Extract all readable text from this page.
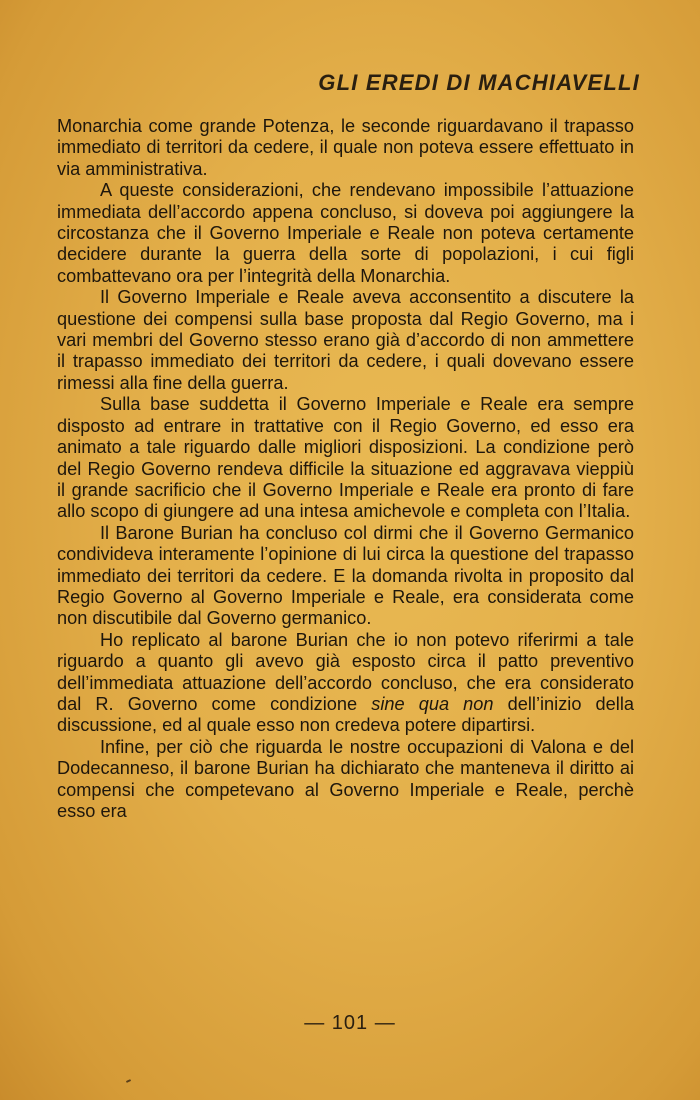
GLI EREDI DI MACHIAVELLI

Monarchia come grande Potenza, le seconde riguardavano il trapasso immediato di territori da cedere, il quale non poteva essere effettuato in via amministrativa.

A queste considerazioni, che rendevano impossibile l’attuazione immediata dell’accordo appena concluso, si doveva poi aggiungere la circostanza che il Governo Imperiale e Reale non poteva certamente decidere durante la guerra della sorte di popolazioni, i cui figli combattevano ora per l’integrità della Monarchia.

Il Governo Imperiale e Reale aveva acconsentito a discutere la questione dei compensi sulla base proposta dal Regio Governo, ma i vari membri del Governo stesso erano già d’accordo di non ammettere il trapasso immediato dei territori da cedere, i quali dovevano essere rimessi alla fine della guerra.

Sulla base suddetta il Governo Imperiale e Reale era sempre disposto ad entrare in trattative con il Regio Governo, ed esso era animato a tale riguardo dalle migliori disposizioni. La condizione però del Regio Governo rendeva difficile la situazione ed aggravava vieppiù il grande sacrificio che il Governo Imperiale e Reale era pronto di fare allo scopo di giungere ad una intesa amichevole e completa con l’Italia.

Il Barone Burian ha concluso col dirmi che il Governo Germanico condivideva interamente l’opinione di lui circa la questione del trapasso immediato dei territori da cedere. E la domanda rivolta in proposito dal Regio Governo al Governo Imperiale e Reale, era considerata come non discutibile dal Governo germanico.

Ho replicato al barone Burian che io non potevo riferirmi a tale riguardo a quanto gli avevo già esposto circa il patto preventivo dell’immediata attuazione dell’accordo concluso, che era considerato dal R. Governo come condizione sine qua non dell’inizio della discussione, ed al quale esso non credeva potere dipartirsi.

Infine, per ciò che riguarda le nostre occupazioni di Valona e del Dodecanneso, il barone Burian ha dichiarato che manteneva il diritto ai compensi che competevano al Governo Imperiale e Reale, perchè esso era

— 101 —
